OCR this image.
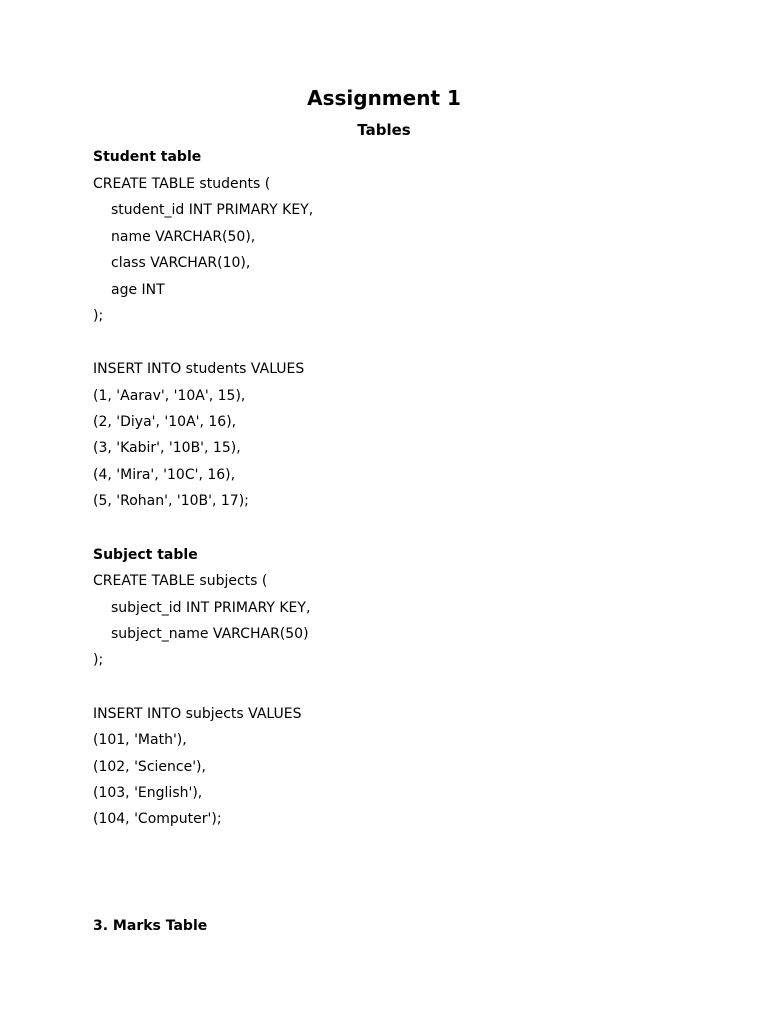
Assignment 1
Tables
Student table
CREATE TABLE students (
student_id INT PRIMARY KEY,
name VARCHAR(50),
class VARCHAR(10),
age INT
);
INSERT INTO students VALUES
(1, 'Aarav', '10A', 15),
(2, 'Diya', '10A', 16),
(3, 'Kabir', '10B', 15),
(4, 'Mira', '10C', 16),
(5, 'Rohan', '10B', 17);
Subject table
CREATE TABLE subjects (
subject_id INT PRIMARY KEY,
subject_name VARCHAR(50)
);
INSERT INTO subjects VALUES
(101, 'Math'),
(102, 'Science'),
(103, 'English'),
(104, 'Computer');
3. Marks Table
